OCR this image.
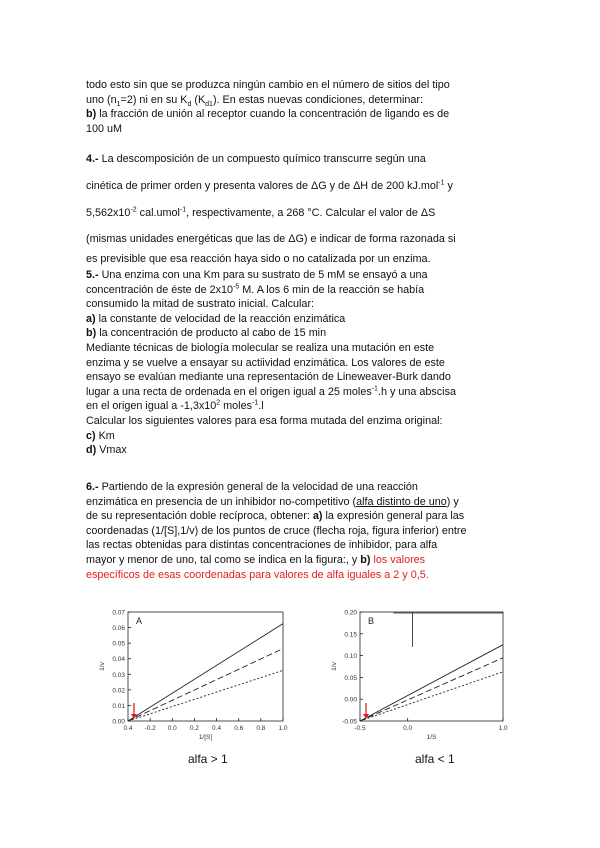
todo esto sin que se produzca ningún cambio en el número de sitios del tipo
uno $(n_1=2)$ ni en su $K_d$ $(K_{d1})$. En estas nuevas condiciones, determinar:
b) la fracción de unión al receptor cuando la concentración de ligando es de
100 uM
4.- La descomposición de un compuesto químico transcurre según una
cinética de primer orden y presenta valores de ΔG y de ΔH de 200 kJ.mol$^{-1}$ y
$5,562x10^{-2}$ cal.umol$^{-1}$, respectivamente, a 268 °C. Calcular el valor de ΔS
(mismas unidades energéticas que las de ΔG) e indicar de forma razonada si
es previsible que esa reacción haya sido o no catalizada por un enzima.
5.- Una enzima con una Km para su sustrato de 5 mM se ensayó a una
concentración de éste de $2x10^{-5}$ M. A los 6 min de la reacción se había
consumido la mitad de sustrato inicial. Calcular:
a) la constante de velocidad de la reacción enzimática
b) la concentración de producto al cabo de 15 min
Mediante técnicas de biología molecular se realiza una mutación en este
enzima y se vuelve a ensayar su actiividad enzimática. Los valores de este
ensayo se evalúan mediante una representación de Lineweaver-Burk dando
lugar a una recta de ordenada en el origen igual a 25 moles$^{-1}$.h y una abscisa
en el origen igual a $-1,3x10^2$ moles$^{-1}$.l
Calcular los siguientes valores para esa forma mutada del enzima original:
c) Km
d) Vmax
6.- Partiendo de la expresión general de la velocidad de una reacción
enzimática en presencia de un inhibidor no-competitivo (alfa distinto de uno) y
de su representación doble recíproca, obtener: a) la expresión general para las
coordenadas (1/[S],1/v) de los puntos de cruce (flecha roja, figura inferior) entre
las rectas obtenidas para distintas concentraciones de inhibidor, para alfa
mayor y menor de uno, tal como se indica en la figura:, y b) los valores
específicos de esas coordenadas para valores de alfa iguales a 2 y 0,5.
0.00
0.01
0.02
0.03
0.04
0.05
0.06
0.07
0.4 -0.2 0.0 0.2 0.4 0.6 0.8 1.0
A
1/v
1/[S]
-0.05
0.00
0.05
0.10
0.15
0.20
-0.5	0.0	1.0
B
1/v
1/S
alfa > 1	alfa < 1
